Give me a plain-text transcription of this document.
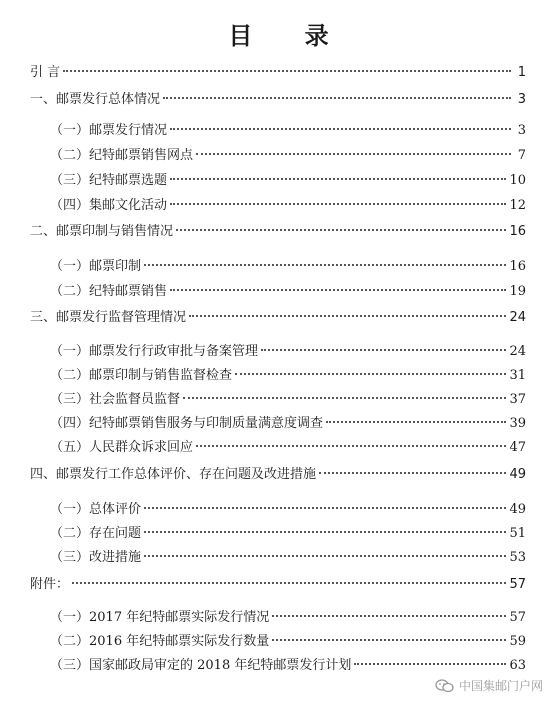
目 录
引 言	1
一、邮票发行总体情况	3
（一）邮票发行情况	3
（二）纪特邮票销售网点	7
（三）纪特邮票选题	10
（四）集邮文化活动	12
二、邮票印制与销售情况	16
（一）邮票印制	16
（二）纪特邮票销售	19
三、邮票发行监督管理情况	24
（一）邮票发行行政审批与备案管理	24
（二）邮票印制与销售监督检查	31
（三）社会监督员监督	37
（四）纪特邮票销售服务与印制质量满意度调查	39
（五）人民群众诉求回应	47
四、邮票发行工作总体评价、存在问题及改进措施	49
（一）总体评价	49
（二）存在问题	51
（三）改进措施	53
附件：	57
（一）2017 年纪特邮票实际发行情况	57
（二）2016 年纪特邮票实际发行数量	59
（三）国家邮政局审定的 2018 年纪特邮票发行计划	63
中国集邮门户网
